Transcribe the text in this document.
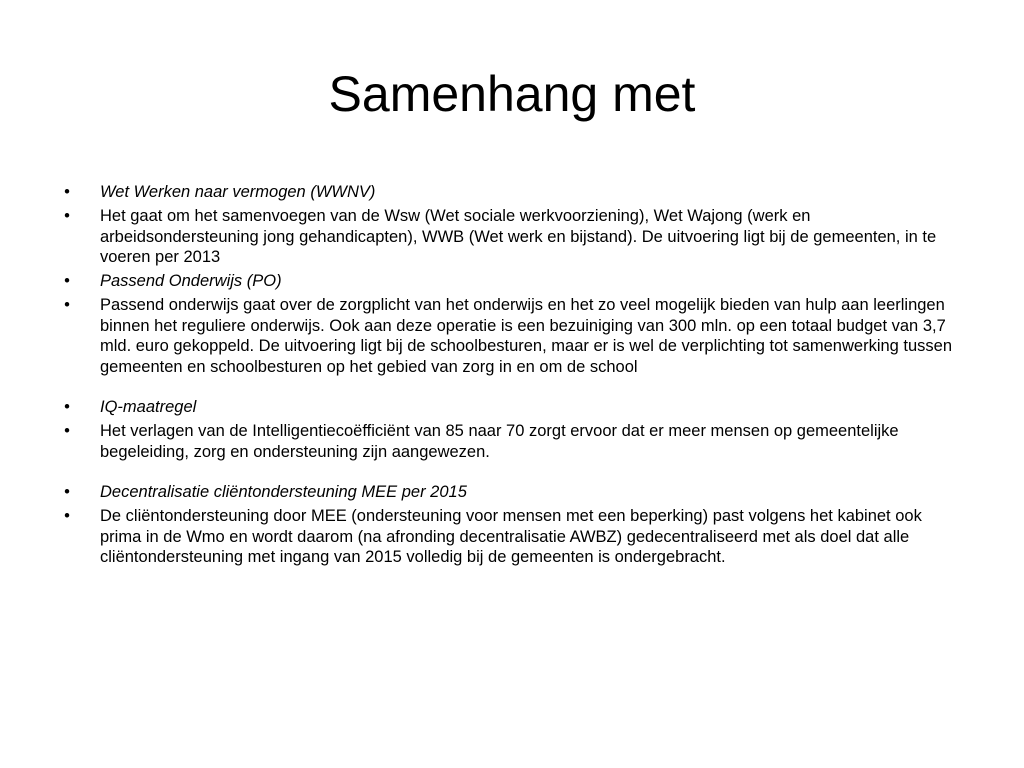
Samenhang met
• Wet Werken naar vermogen (WWNV)
• Het gaat om het samenvoegen van de Wsw (Wet sociale werkvoorziening), Wet Wajong (werk en arbeidsondersteuning jong gehandicapten), WWB (Wet werk en bijstand). De uitvoering ligt bij de gemeenten, in te voeren per 2013
• Passend Onderwijs (PO)
• Passend onderwijs gaat over de zorgplicht van het onderwijs en het zo veel mogelijk bieden van hulp aan leerlingen binnen het reguliere onderwijs. Ook aan deze operatie is een bezuiniging van 300 mln. op een totaal budget van 3,7 mld. euro gekoppeld. De uitvoering ligt bij de schoolbesturen, maar er is wel de verplichting tot samenwerking tussen gemeenten en schoolbesturen op het gebied van zorg in en om de school
• IQ-maatregel
• Het verlagen van de Intelligentiecoëfficiënt van 85 naar 70 zorgt ervoor dat er meer mensen op gemeentelijke begeleiding, zorg en ondersteuning zijn aangewezen.
• Decentralisatie cliëntondersteuning MEE per 2015
• De cliëntondersteuning door MEE (ondersteuning voor mensen met een beperking) past volgens het kabinet ook prima in de Wmo en wordt daarom (na afronding decentralisatie AWBZ) gedecentraliseerd met als doel dat alle cliëntondersteuning met ingang van 2015 volledig bij de gemeenten is ondergebracht.
